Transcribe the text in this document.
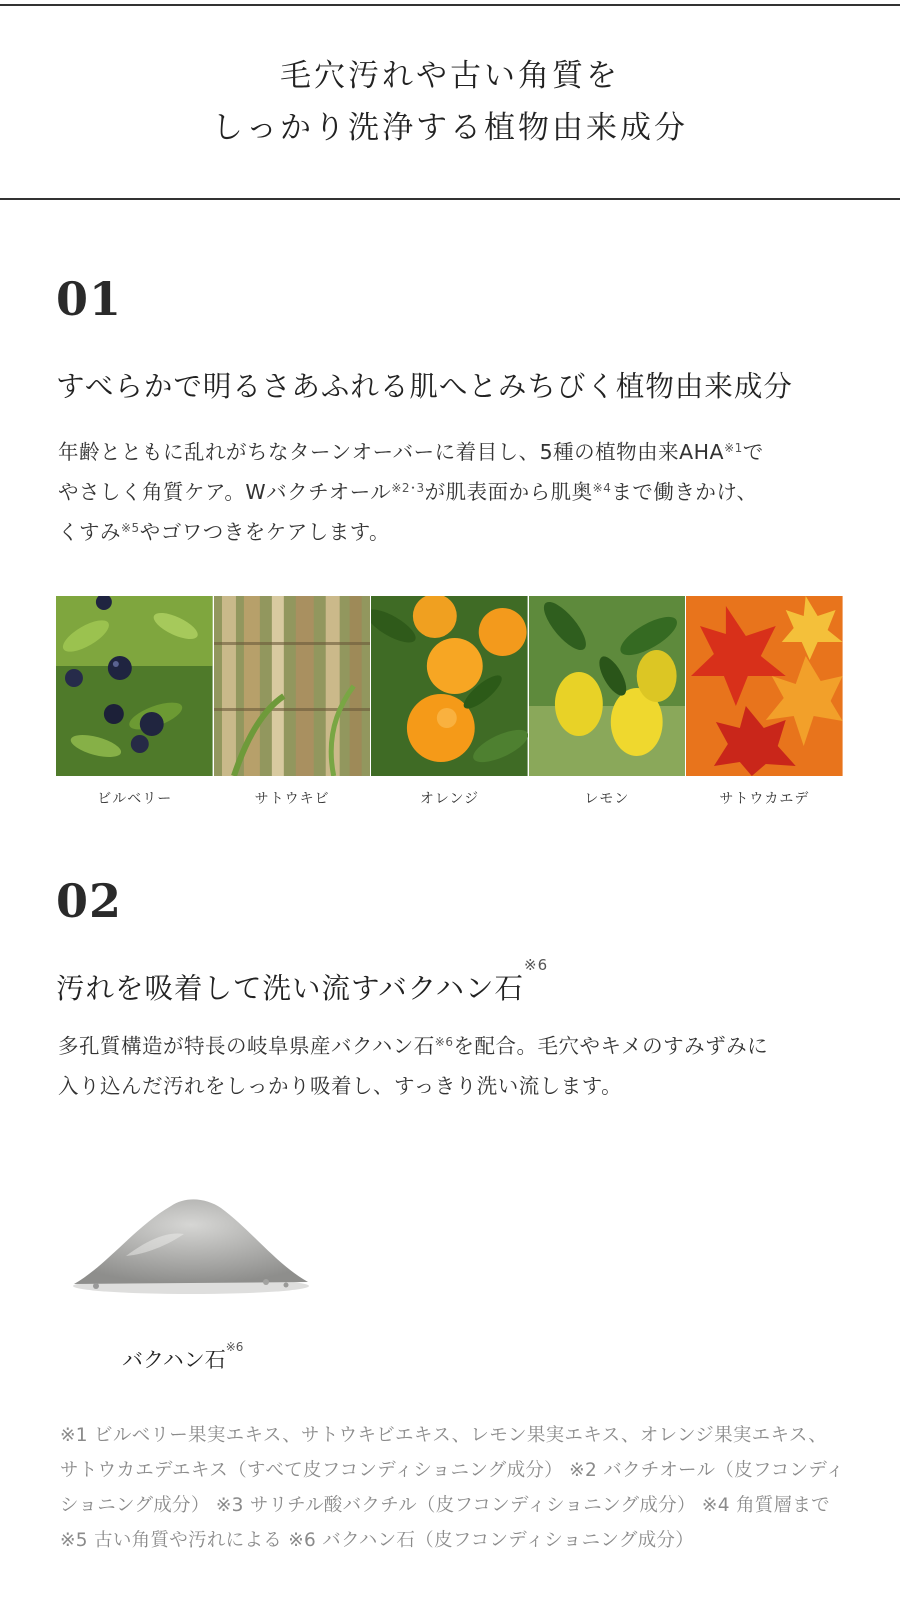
毛穴汚れや古い角質を
しっかり洗浄する植物由来成分
01
すべらかで明るさあふれる肌へとみちびく植物由来成分
年齢とともに乱れがちなターンオーバーに着目し、5種の植物由来AHA$^{※1}$で
やさしく角質ケア。Wバクチオール$^{※2･3}$が肌表面から肌奥$^{※4}$まで働きかけ、
くすみ$^{※5}$やゴワつきをケアします。
ビルベリー	サトウキビ	オレンジ	レモン	サトウカエデ
02
汚れを吸着して洗い流すバクハン石$^{※6}$
多孔質構造が特長の岐阜県産バクハン石$^{※6}$を配合。毛穴やキメのすみずみに
入り込んだ汚れをしっかり吸着し、すっきり洗い流します。
バクハン石$^{※6}$
※1 ビルベリー果実エキス、サトウキビエキス、レモン果実エキス、オレンジ果実エキス、
サトウカエデエキス（すべて皮フコンディショニング成分） ※2 バクチオール（皮フコンディ
ショニング成分） ※3 サリチル酸バクチル（皮フコンディショニング成分） ※4 角質層まで
※5 古い角質や汚れによる ※6 バクハン石（皮フコンディショニング成分）
